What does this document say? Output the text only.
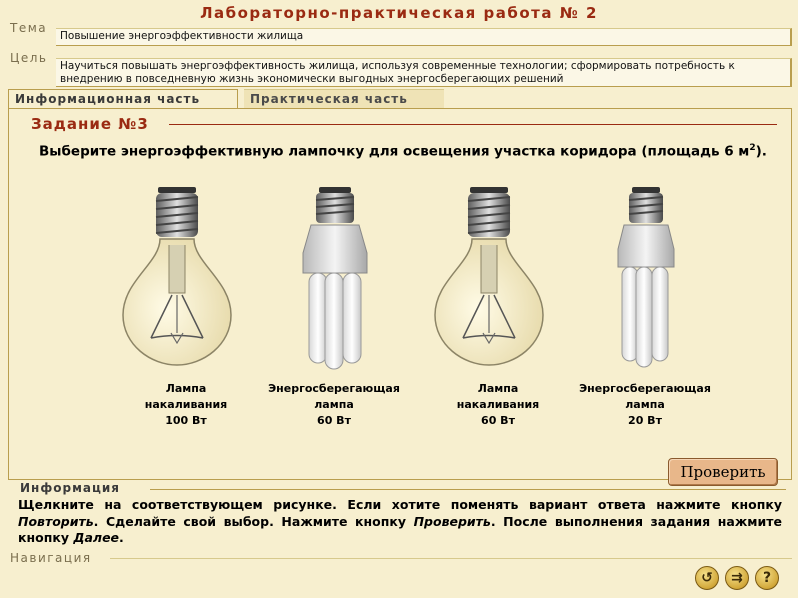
Лабораторно-практическая работа № 2
Тема
Повышение энергоэффективности жилища
Цель
Научиться повышать энергоэффективность жилища, используя современные технологии; сформировать потребность к внедрению в повседневную жизнь экономически выгодных энергосберегающих решений
Информационная часть	Практическая часть
Задание №3
Выберите энергоэффективную лампочку для освещения участка коридора (площадь 6 $м^2$).
Лампа
накаливания
100 Вт
Энергосберегающая
лампа
60 Вт
Лампа
накаливания
60 Вт
Энергосберегающая
лампа
20 Вт
Проверить
Информация
Щелкните на соответствующем рисунке. Если хотите поменять вариант ответа нажмите кнопку Повторить. Сделайте свой выбор. Нажмите кнопку Проверить. После выполнения задания нажмите кнопку Далее.
Навигация
↺ ⇉ ?
